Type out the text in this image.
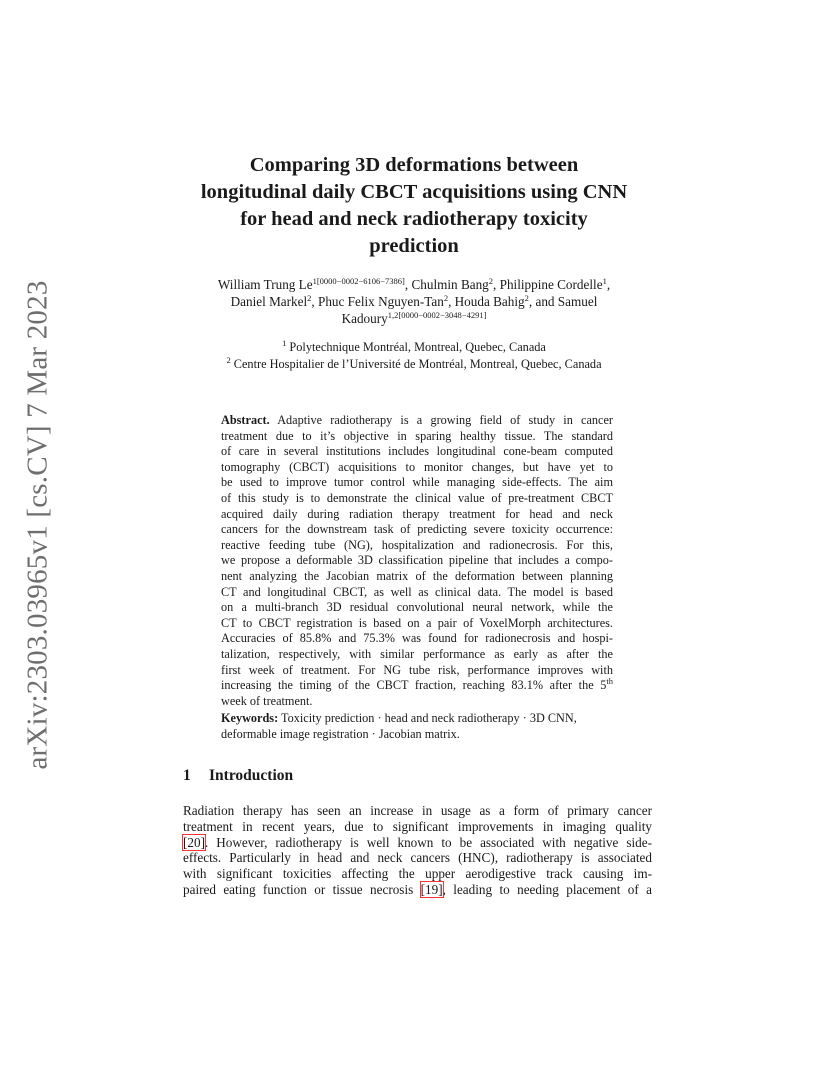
arXiv:2303.03965v1 [cs.CV] 7 Mar 2023
Comparing 3D deformations between
longitudinal daily CBCT acquisitions using CNN
for head and neck radiotherapy toxicity
prediction
William Trung $Le^{1[0000-0002-6106-7386]}$, Chulmin Bang$^2$, Philippine Cordelle$^1$,
Daniel Markel$^2$, Phuc Felix Nguyen-Tan$^2$, Houda Bahig$^2$, and Samuel
Kadoury$^{1,2[0000-0002-3048-4291]}$
$^1$ Polytechnique Montréal, Montreal, Quebec, Canada
$^2$ Centre Hospitalier de l’Université de Montréal, Montreal, Quebec, Canada
Abstract. Adaptive radiotherapy is a growing field of study in cancer
treatment due to it’s objective in sparing healthy tissue. The standard
of care in several institutions includes longitudinal cone-beam computed
tomography (CBCT) acquisitions to monitor changes, but have yet to
be used to improve tumor control while managing side-effects. The aim
of this study is to demonstrate the clinical value of pre-treatment CBCT
acquired daily during radiation therapy treatment for head and neck
cancers for the downstream task of predicting severe toxicity occurrence:
reactive feeding tube (NG), hospitalization and radionecrosis. For this,
we propose a deformable 3D classification pipeline that includes a compo-
nent analyzing the Jacobian matrix of the deformation between planning
CT and longitudinal CBCT, as well as clinical data. The model is based
on a multi-branch 3D residual convolutional neural network, while the
CT to CBCT registration is based on a pair of VoxelMorph architectures.
Accuracies of 85.8% and 75.3% was found for radionecrosis and hospi-
talization, respectively, with similar performance as early as after the
first week of treatment. For NG tube risk, performance improves with
increasing the timing of the CBCT fraction, reaching 83.1% after the 5th
week of treatment.
Keywords: Toxicity prediction · head and neck radiotherapy · 3D CNN,
deformable image registration · Jacobian matrix.
1 Introduction
Radiation therapy has seen an increase in usage as a form of primary cancer
treatment in recent years, due to significant improvements in imaging quality
[20]. However, radiotherapy is well known to be associated with negative side-
effects. Particularly in head and neck cancers (HNC), radiotherapy is associated
with significant toxicities affecting the upper aerodigestive track causing im-
paired eating function or tissue necrosis [19], leading to needing placement of a
